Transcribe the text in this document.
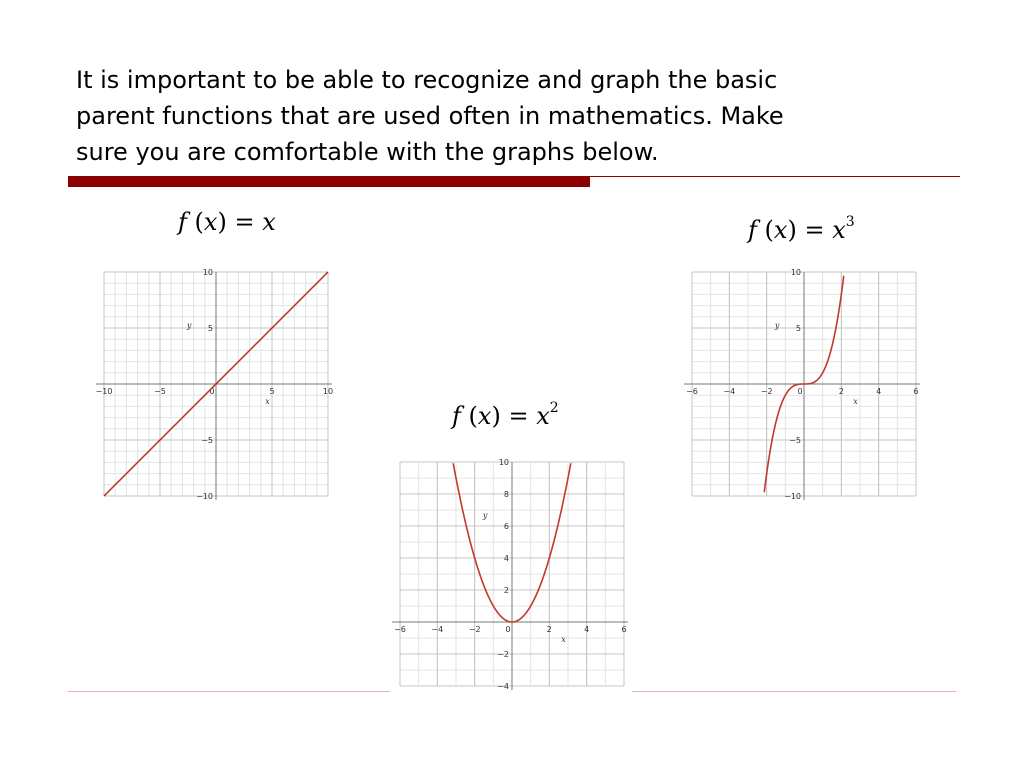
It is important to be able to recognize and graph the basic
parent functions that are used often in mathematics. Make
sure you are comfortable with the graphs below.

f (x) = x
f $(x) = x^2$
f $(x) = x^3$
−10	−5	0	5	10
−10
−5
5
10
x
y
−6	−4	−2	0	2	4	6
−4
−2
2
4
6
8
10
x
y
−6	−4	−2	0	2	4	6
−10
−5
5
10
x
y
